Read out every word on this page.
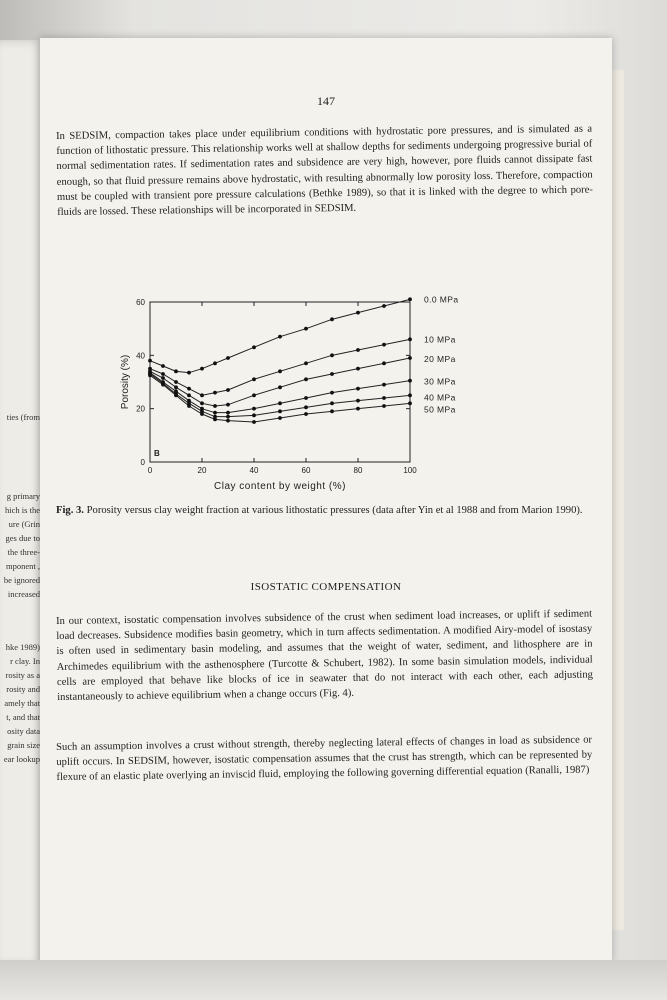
ties (from
g primary
hich is the
ure (Grin
ges due to
the three-
mponent ,
be ignored
increased
hke 1989)
r clay. In
rosity as a
rosity and
amely that
t, and that
osity data
grain size
ear lookup
147

In SEDSIM, compaction takes place under equilibrium conditions with hydrostatic pore pressures, and is simulated as a function of lithostatic pressure. This relationship works well at shallow depths for sediments undergoing progressive burial of normal sedimentation rates. If sedimentation rates and subsidence are very high, however, pore fluids cannot dissipate fast enough, so that fluid pressure remains above hydrostatic, with resulting abnormally low porosity loss. Therefore, compaction must be coupled with transient pore pressure calculations (Bethke 1989), so that it is linked with the degree to which pore-fluids are lossed. These relationships will be incorporated in SEDSIM.

0	20	40	60	80	100
0
20
40
60
Clay content by weight (%)
Porosity (%)
B
0.0 MPa
10 MPa
20 MPa
30 MPa
40 MPa
50 MPa
Fig. 3. Porosity versus clay weight fraction at various lithostatic pressures (data after Yin et al 1988 and from Marion 1990).
ISOSTATIC COMPENSATION

In our context, isostatic compensation involves subsidence of the crust when sediment load increases, or uplift if sediment load decreases. Subsidence modifies basin geometry, which in turn affects sedimentation. A modified Airy-model of isostasy is often used in sedimentary basin modeling, and assumes that the weight of water, sediment, and lithosphere are in Archimedes equilibrium with the asthenosphere (Turcotte & Schubert, 1982). In some basin simulation models, individual cells are employed that behave like blocks of ice in seawater that do not interact with each other, each adjusting instantaneously to achieve equilibrium when a change occurs (Fig. 4).

Such an assumption involves a crust without strength, thereby neglecting lateral effects of changes in load as subsidence or uplift occurs. In SEDSIM, however, isostatic compensation assumes that the crust has strength, which can be represented by flexure of an elastic plate overlying an inviscid fluid, employing the following governing differential equation (Ranalli, 1987)
